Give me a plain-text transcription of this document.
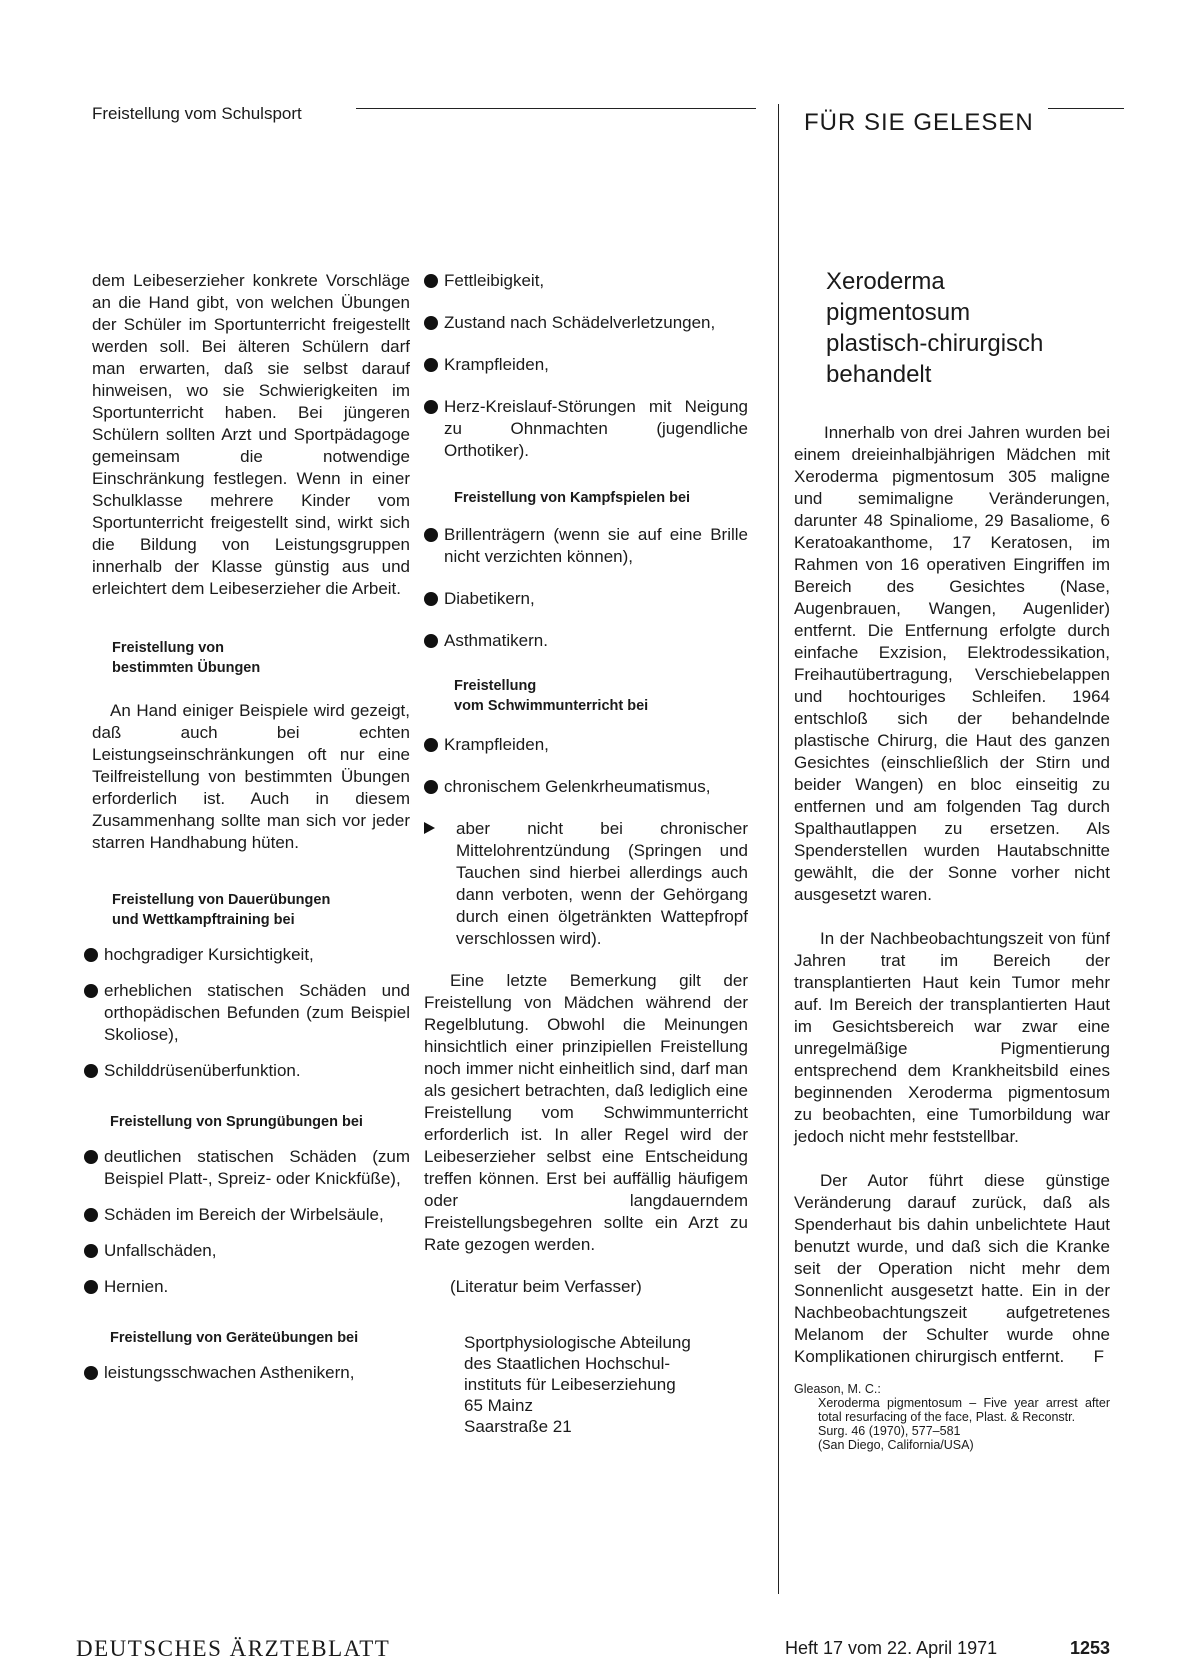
Freistellung vom Schulsport	FÜR SIE GELESEN

dem Leibeserzieher konkrete Vorschläge an die Hand gibt, von welchen Übungen der Schüler im Sportunterricht freigestellt werden soll. Bei älteren Schülern darf man erwarten, daß sie selbst darauf hinweisen, wo sie Schwierigkeiten im Sportunterricht haben. Bei jüngeren Schülern sollten Arzt und Sportpädagoge gemeinsam die notwendige Einschränkung festlegen. Wenn in einer Schulklasse mehrere Kinder vom Sportunterricht freigestellt sind, wirkt sich die Bildung von Leistungsgruppen innerhalb der Klasse günstig aus und erleichtert dem Leibeserzieher die Arbeit.

Freistellung von
bestimmten Übungen

An Hand einiger Beispiele wird gezeigt, daß auch bei echten Leistungseinschränkungen oft nur eine Teilfreistellung von bestimmten Übungen erforderlich ist. Auch in diesem Zusammenhang sollte man sich vor jeder starren Handhabung hüten.

Freistellung von Dauerübungen
und Wettkampftraining bei
hochgradiger Kursichtigkeit,
erheblichen statischen Schäden und orthopädischen Befunden (zum Beispiel Skoliose),
Schilddrüsenüberfunktion.
Freistellung von Sprungübungen bei
deutlichen statischen Schäden (zum Beispiel Platt-, Spreiz- oder Knickfüße),
Schäden im Bereich der Wirbelsäule,
Unfallschäden,
Hernien.
Freistellung von Geräteübungen bei
leistungsschwachen Asthenikern,
Fettleibigkeit,
Zustand nach Schädelverletzungen,
Krampfleiden,
Herz-Kreislauf-Störungen mit Neigung zu Ohnmachten (jugendliche Orthotiker).
Freistellung von Kampfspielen bei
Brillenträgern (wenn sie auf eine Brille nicht verzichten können),
Diabetikern,
Asthmatikern.
Freistellung
vom Schwimmunterricht bei
Krampfleiden,
chronischem Gelenkrheumatismus,
aber nicht bei chronischer Mittelohrentzündung (Springen und Tauchen sind hierbei allerdings auch dann verboten, wenn der Gehörgang durch einen ölgetränkten Wattepfropf verschlossen wird).

Eine letzte Bemerkung gilt der Freistellung von Mädchen während der Regelblutung. Obwohl die Meinungen hinsichtlich einer prinzipiellen Freistellung noch immer nicht einheitlich sind, darf man als gesichert betrachten, daß lediglich eine Freistellung vom Schwimmunterricht erforderlich ist. In aller Regel wird der Leibeserzieher selbst eine Entscheidung treffen können. Erst bei auffällig häufigem oder langdauerndem Freistellungsbegehren sollte ein Arzt zu Rate gezogen werden.

(Literatur beim Verfasser)
Sportphysiologische Abteilung
des Staatlichen Hochschul-
instituts für Leibeserziehung
65 Mainz
Saarstraße 21
Xeroderma
pigmentosum
plastisch-chirurgisch
behandelt

Innerhalb von drei Jahren wurden bei einem dreieinhalbjährigen Mädchen mit Xeroderma pigmentosum 305 maligne und semimaligne Veränderungen, darunter 48 Spinaliome, 29 Basaliome, 6 Keratoakanthome, 17 Keratosen, im Rahmen von 16 operativen Eingriffen im Bereich des Gesichtes (Nase, Augenbrauen, Wangen, Augenlider) entfernt. Die Entfernung erfolgte durch einfache Exzision, Elektrodessikation, Freihautübertragung, Verschiebelappen und hochtouriges Schleifen. 1964 entschloß sich der behandelnde plastische Chirurg, die Haut des ganzen Gesichtes (einschließlich der Stirn und beider Wangen) en bloc einseitig zu entfernen und am folgenden Tag durch Spalthautlappen zu ersetzen. Als Spenderstellen wurden Hautabschnitte gewählt, die der Sonne vorher nicht ausgesetzt waren.

In der Nachbeobachtungszeit von fünf Jahren trat im Bereich der transplantierten Haut kein Tumor mehr auf. Im Bereich der transplantierten Haut im Gesichtsbereich war zwar eine unregelmäßige Pigmentierung entsprechend dem Krankheitsbild eines beginnenden Xeroderma pigmentosum zu beobachten, eine Tumorbildung war jedoch nicht mehr feststellbar.

Der Autor führt diese günstige Veränderung darauf zurück, daß als Spenderhaut bis dahin unbelichtete Haut benutzt wurde, und daß sich die Kranke seit der Operation nicht mehr dem Sonnenlicht ausgesetzt hatte. Ein in der Nachbeobachtungszeit aufgetretenes Melanom der Schulter wurde ohne Komplikationen chirurgisch entfernt.	F

Gleason, M. C.:
Xeroderma pigmentosum – Five year arrest after total resurfacing of the face, Plast. & Reconstr.
Surg. 46 (1970), 577–581
(San Diego, California/USA)
DEUTSCHES ÄRZTEBLATT	Heft 17 vom 22. April 1971	1253
